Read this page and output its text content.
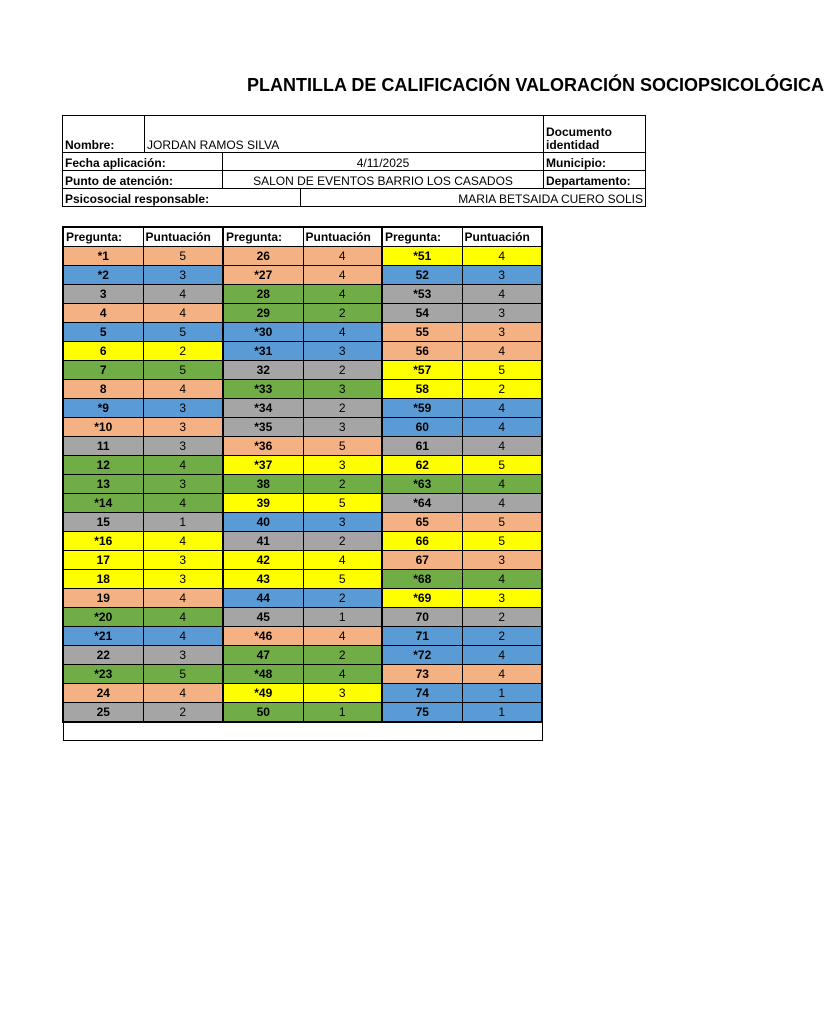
PLANTILLA DE CALIFICACIÓN VALORACIÓN SOCIOPSICOLÓGICA
Nombre:	JORDAN RAMOS SILVA			Documento identidad
Fecha aplicación:		4/11/2025		Municipio:
Punto de atención:		SALON DE EVENTOS BARRIO LOS CASADOS		Departamento:
Psicosocial responsable:			MARIA BETSAIDA CUERO SOLIS	
Pregunta:	Puntuación	Pregunta:	Puntuación	Pregunta:	Puntuación
*1	5	26	4	*51	4
*2	3	*27	4	52	3
3	4	28	4	*53	4
4	4	29	2	54	3
5	5	*30	4	55	3
6	2	*31	3	56	4
7	5	32	2	*57	5
8	4	*33	3	58	2
*9	3	*34	2	*59	4
*10	3	*35	3	60	4
11	3	*36	5	61	4
12	4	*37	3	62	5
13	3	38	2	*63	4
*14	4	39	5	*64	4
15	1	40	3	65	5
*16	4	41	2	66	5
17	3	42	4	67	3
18	3	43	5	*68	4
19	4	44	2	*69	3
*20	4	45	1	70	2
*21	4	*46	4	71	2
22	3	47	2	*72	4
*23	5	*48	4	73	4
24	4	*49	3	74	1
25	2	50	1	75	1
